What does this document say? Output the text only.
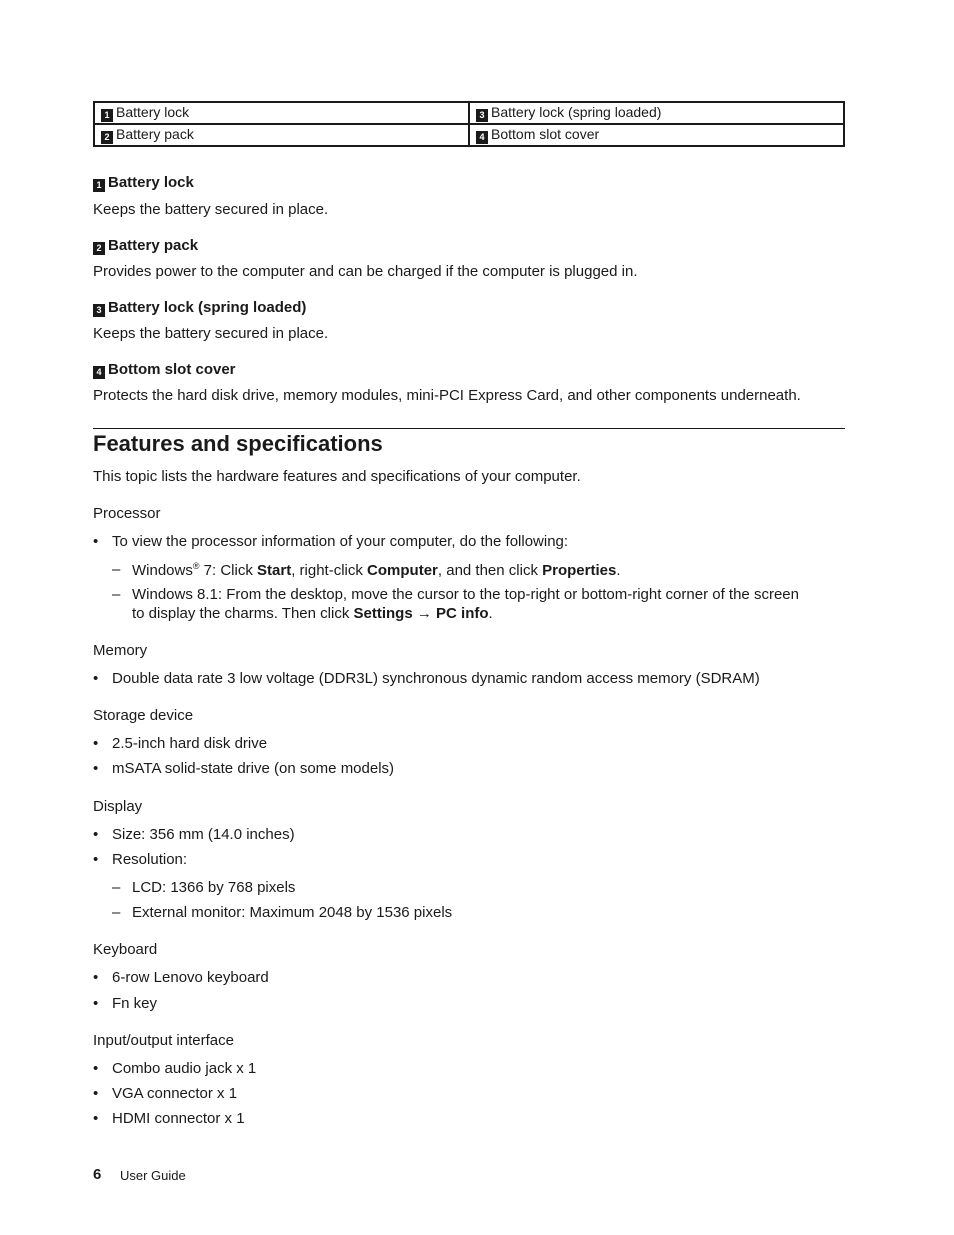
1 Battery lock	3 Battery lock (spring loaded)
2 Battery pack	4 Bottom slot cover
1 Battery lock
Keeps the battery secured in place.
2 Battery pack
Provides power to the computer and can be charged if the computer is plugged in.
3 Battery lock (spring loaded)
Keeps the battery secured in place.
4 Bottom slot cover
Protects the hard disk drive, memory modules, mini-PCI Express Card, and other components underneath.
Features and specifications
This topic lists the hardware features and specifications of your computer.
Processor
• To view the processor information of your computer, do the following:
– Windows® 7: Click Start, right-click Computer, and then click Properties.
– Windows 8.1: From the desktop, move the cursor to the top-right or bottom-right corner of the screen
to display the charms. Then click Settings → PC info.
Memory
• Double data rate 3 low voltage (DDR3L) synchronous dynamic random access memory (SDRAM)
Storage device
• 2.5-inch hard disk drive
• mSATA solid-state drive (on some models)
Display
• Size: 356 mm (14.0 inches)
• Resolution:
– LCD: 1366 by 768 pixels
– External monitor: Maximum 2048 by 1536 pixels
Keyboard
• 6-row Lenovo keyboard
• Fn key
Input/output interface
• Combo audio jack x 1
• VGA connector x 1
• HDMI connector x 1
6 User Guide
